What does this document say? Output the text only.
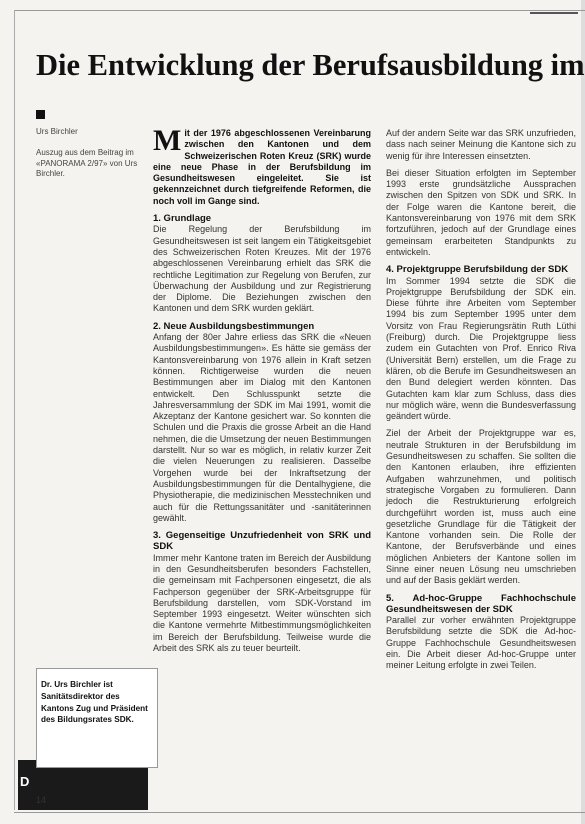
Die Entwicklung der Berufsausbildung im
Urs Birchler
Auszug aus dem Beitrag im «PANORAMA 2/97» von Urs Birchler.

Mit der 1976 abgeschlossenen Vereinbarung zwischen den Kantonen und dem Schweizerischen Roten Kreuz (SRK) wurde eine neue Phase in der Berufsbildung im Gesundheitswesen eingeleitet. Sie ist gekennzeichnet durch tiefgreifende Reformen, die noch voll im Gange sind.

1. Grundlage

Die Regelung der Berufsbildung im Gesundheitswesen ist seit langem ein Tätigkeitsgebiet des Schweizerischen Roten Kreuzes. Mit der 1976 abgeschlossenen Vereinbarung erhielt das SRK die rechtliche Legitimation zur Regelung von Berufen, zur Überwachung der Ausbildung und zur Registrierung der Diplome. Die Beziehungen zwischen den Kantonen und dem SRK wurden geklärt.

2. Neue Ausbildungsbestimmungen

Anfang der 80er Jahre erliess das SRK die «Neuen Ausbildungsbestimmungen». Es hätte sie gemäss der Kantonsvereinbarung von 1976 allein in Kraft setzen können. Richtigerweise wurden die neuen Bestimmungen aber im Dialog mit den Kantonen entwickelt. Den Schlusspunkt setzte die Jahresversammlung der SDK im Mai 1991, womit die Akzeptanz der Kantone gesichert war. So konnten die Schulen und die Praxis die grosse Arbeit an die Hand nehmen, die die Umsetzung der neuen Bestimmungen darstellt. Nur so war es möglich, in relativ kurzer Zeit die vielen Neuerungen zu realisieren. Dasselbe Vorgehen wurde bei der Inkraftsetzung der Ausbildungsbestimmungen für die Dentalhygiene, die Physiotherapie, die medizinischen Messtechniken und auch für die Rettungssanitäter und -sanitäterinnen gewählt.

3. Gegenseitige Unzufriedenheit von SRK und SDK

Immer mehr Kantone traten im Bereich der Ausbildung in den Gesundheitsberufen besonders Fachstellen, die gemeinsam mit Fachpersonen eingesetzt, die als Fachperson gegenüber der SRK-Arbeitsgruppe für Berufsbildung darstellen, vom SDK-Vorstand im September 1993 eingesetzt. Weiter wünschten sich die Kantone vermehrte Mitbestimmungsmöglichkeiten im Bereich der Berufsbildung. Teilweise wurde die Arbeit des SRK als zu teuer beurteilt.

Auf der andern Seite war das SRK unzufrieden, dass nach seiner Meinung die Kantone sich zu wenig für ihre Interessen einsetzten.

Bei dieser Situation erfolgten im September 1993 erste grundsätzliche Aussprachen zwischen den Spitzen von SDK und SRK. In der Folge waren die Kantone bereit, die Kantonsvereinbarung von 1976 mit dem SRK fortzuführen, jedoch auf der Grundlage eines gemeinsam erarbeiteten Standpunkts zu entwickeln.

4. Projektgruppe Berufsbildung der SDK

Im Sommer 1994 setzte die SDK die Projektgruppe Berufsbildung der SDK ein. Diese führte ihre Arbeiten vom September 1994 bis zum September 1995 unter dem Vorsitz von Frau Regierungsrätin Ruth Lüthi (Freiburg) durch. Die Projektgruppe liess zudem ein Gutachten von Prof. Enrico Riva (Universität Bern) erstellen, um die Frage zu klären, ob die Berufe im Gesundheitswesen an den Bund delegiert werden könnten. Das Gutachten kam klar zum Schluss, dass dies nur möglich wäre, wenn die Bundesverfassung geändert würde.

Ziel der Arbeit der Projektgruppe war es, neutrale Strukturen in der Berufsbildung im Gesundheitswesen zu schaffen. Sie sollten die den Kantonen erlauben, ihre effizienten Aufgaben wahrzunehmen, und politisch strategische Vorgaben zu formulieren. Dann jedoch die Restrukturierung erfolgreich durchgeführt worden ist, muss auch eine gesetzliche Grundlage für die Tätigkeit der Kantone vorhanden sein. Die Rolle der Kantone, der Berufsverbände und eines möglichen Anbieters der Kantone sollen im Sinne einer neuen Lösung neu umschrieben und auf der Basis geklärt werden.

5. Ad-hoc-Gruppe Fachhochschule Gesundheitswesen der SDK

Parallel zur vorher erwähnten Projektgruppe Berufsbildung setzte die SDK die Ad-hoc-Gruppe Fachhochschule Gesundheitswesen ein. Die Arbeit dieser Ad-hoc-Gruppe unter meiner Leitung erfolgte in zwei Teilen.

D
Dr. Urs Birchler ist Sanitätsdirektor des Kantons Zug und Präsident des Bildungsrates SDK.
14
